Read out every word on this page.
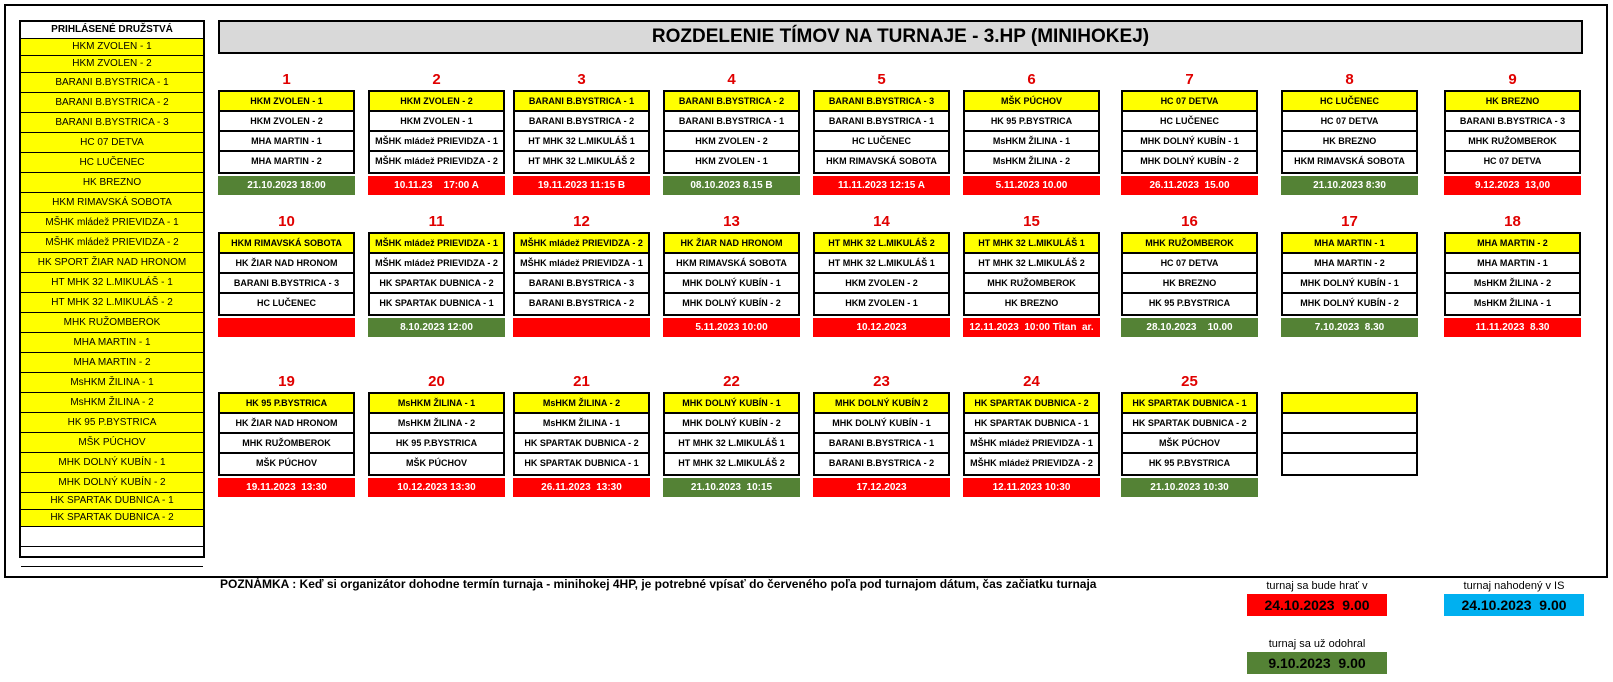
PRIHLÁSENÉ DRUŽSTVÁ
HKM ZVOLEN - 1
HKM ZVOLEN - 2
BARANI B.BYSTRICA - 1
BARANI B.BYSTRICA - 2
BARANI B.BYSTRICA - 3
HC 07 DETVA
HC LUČENEC
HK BREZNO
HKM RIMAVSKÁ SOBOTA
MŠHK mládež PRIEVIDZA - 1
MŠHK mládež PRIEVIDZA - 2
HK SPORT ŽIAR NAD HRONOM
HT MHK 32 L.MIKULÁŠ - 1
HT MHK 32 L.MIKULÁŠ - 2
MHK RUŽOMBEROK
MHA MARTIN - 1
MHA MARTIN - 2
MsHKM ŽILINA - 1
MsHKM ŽILINA - 2
HK 95 P.BYSTRICA
MŠK PÚCHOV
MHK DOLNÝ KUBÍN - 1
MHK DOLNÝ KUBÍN - 2
HK SPARTAK DUBNICA - 1
HK SPARTAK DUBNICA - 2
ROZDELENIE TÍMOV NA TURNAJE - 3.HP (MINIHOKEJ)
1
HKM ZVOLEN - 1
HKM ZVOLEN - 2
MHA MARTIN - 1
MHA MARTIN - 2
21.10.2023 18:00
2
HKM ZVOLEN - 2
HKM ZVOLEN - 1
MŠHK mládež PRIEVIDZA - 1
MŠHK mládež PRIEVIDZA - 2
10.11.23    17:00 A
3
BARANI B.BYSTRICA - 1
BARANI B.BYSTRICA - 2
HT MHK 32 L.MIKULÁŠ 1
HT MHK 32 L.MIKULÁŠ 2
19.11.2023 11:15 B
4
BARANI B.BYSTRICA - 2
BARANI B.BYSTRICA - 1
HKM ZVOLEN - 2
HKM ZVOLEN - 1
08.10.2023 8.15 B
5
BARANI B.BYSTRICA - 3
BARANI B.BYSTRICA - 1
HC LUČENEC
HKM RIMAVSKÁ SOBOTA
11.11.2023 12:15 A
6
MŠK PÚCHOV
HK 95 P.BYSTRICA
MsHKM ŽILINA - 1
MsHKM ŽILINA - 2
5.11.2023 10.00
7
HC 07 DETVA
HC LUČENEC
MHK DOLNÝ KUBÍN - 1
MHK DOLNÝ KUBÍN - 2
26.11.2023  15.00
8
HC LUČENEC
HC 07 DETVA
HK BREZNO
HKM RIMAVSKÁ SOBOTA
21.10.2023 8:30
9
HK BREZNO
BARANI B.BYSTRICA - 3
MHK RUŽOMBEROK
HC 07 DETVA
9.12.2023  13,00
10
HKM RIMAVSKÁ SOBOTA
HK ŽIAR NAD HRONOM
BARANI B.BYSTRICA - 3
HC LUČENEC
11
MŠHK mládež PRIEVIDZA - 1
MŠHK mládež PRIEVIDZA - 2
HK SPARTAK DUBNICA - 2
HK SPARTAK DUBNICA - 1
8.10.2023 12:00
12
MŠHK mládež PRIEVIDZA - 2
MŠHK mládež PRIEVIDZA - 1
BARANI B.BYSTRICA - 3
BARANI B.BYSTRICA - 2
13
HK ŽIAR NAD HRONOM
HKM RIMAVSKÁ SOBOTA
MHK DOLNÝ KUBÍN - 1
MHK DOLNÝ KUBÍN - 2
5.11.2023 10:00
14
HT MHK 32 L.MIKULÁŠ 2
HT MHK 32 L.MIKULÁŠ 1
HKM ZVOLEN - 2
HKM ZVOLEN - 1
10.12.2023
15
HT MHK 32 L.MIKULÁŠ 1
HT MHK 32 L.MIKULÁŠ 2
MHK RUŽOMBEROK
HK BREZNO
12.11.2023  10:00 Titan  ar.
16
MHK RUŽOMBEROK
HC 07 DETVA
HK BREZNO
HK 95 P.BYSTRICA
28.10.2023    10.00
17
MHA MARTIN - 1
MHA MARTIN - 2
MHK DOLNÝ KUBÍN - 1
MHK DOLNÝ KUBÍN - 2
7.10.2023  8.30
18
MHA MARTIN - 2
MHA MARTIN - 1
MsHKM ŽILINA - 2
MsHKM ŽILINA - 1
11.11.2023  8.30
19
HK 95 P.BYSTRICA
HK ŽIAR NAD HRONOM
MHK RUŽOMBEROK
MŠK PÚCHOV
19.11.2023  13:30
20
MsHKM ŽILINA - 1
MsHKM ŽILINA - 2
HK 95 P.BYSTRICA
MŠK PÚCHOV
10.12.2023 13:30
21
MsHKM ŽILINA - 2
MsHKM ŽILINA - 1
HK SPARTAK DUBNICA - 2
HK SPARTAK DUBNICA - 1
26.11.2023  13:30
22
MHK DOLNÝ KUBÍN - 1
MHK DOLNÝ KUBÍN - 2
HT MHK 32 L.MIKULÁŠ 1
HT MHK 32 L.MIKULÁŠ 2
21.10.2023  10:15
23
MHK DOLNÝ KUBÍN 2
MHK DOLNÝ KUBÍN - 1
BARANI B.BYSTRICA - 1
BARANI B.BYSTRICA - 2
17.12.2023
24
HK SPARTAK DUBNICA - 2
HK SPARTAK DUBNICA - 1
MŠHK mládež PRIEVIDZA - 1
MŠHK mládež PRIEVIDZA - 2
12.11.2023 10:30
25
HK SPARTAK DUBNICA - 1
HK SPARTAK DUBNICA - 2
MŠK PÚCHOV
HK 95 P.BYSTRICA
21.10.2023 10:30
POZNÁMKA : Keď si organizátor dohodne termín turnaja - minihokej 4HP, je potrebné vpísať do červeného poľa pod turnajom dátum, čas začiatku turnaja	turnaj sa bude hrať v
24.10.2023  9.00
turnaj nahodený v IS
24.10.2023  9.00
turnaj sa už odohral
9.10.2023  9.00
